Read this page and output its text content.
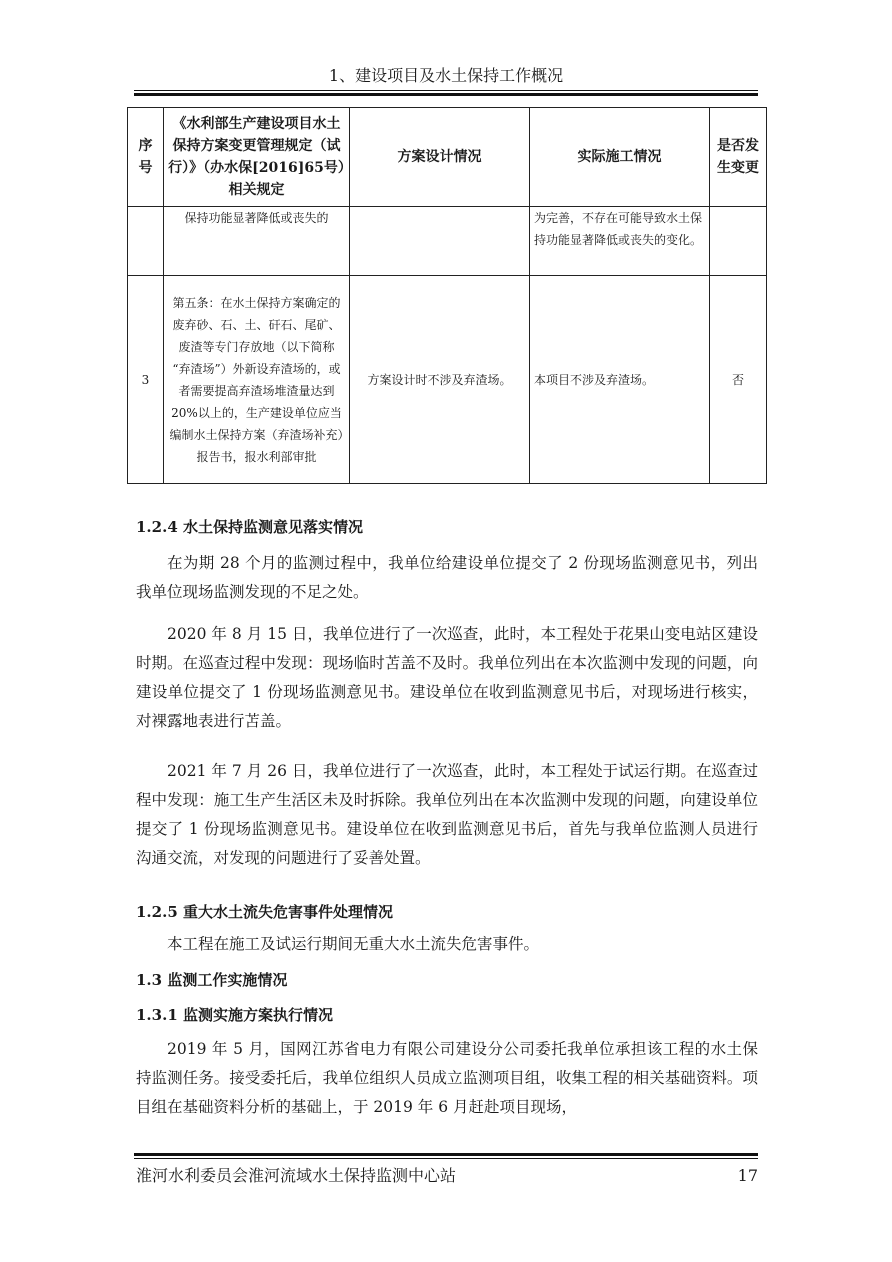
1、建设项目及水土保持工作概况
序号	《水利部生产建设项目水土保持方案变更管理规定（试行）》（办水保[2016]65号）相关规定	方案设计情况	实际施工情况	是否发生变更
	保持功能显著降低或丧失的		为完善，不存在可能导致水土保持功能显著降低或丧失的变化。	
3	第五条：在水土保持方案确定的废弃砂、石、土、矸石、尾矿、废渣等专门存放地（以下简称 “弃渣场”）外新设弃渣场的，或者需要提高弃渣场堆渣量达到20%以上的，生产建设单位应当编制水土保持方案（弃渣场补充）报告书，报水利部审批	方案设计时不涉及弃渣场。	本项目不涉及弃渣场。	否
1.2.4 水土保持监测意见落实情况

在为期 28 个月的监测过程中，我单位给建设单位提交了 2 份现场监测意见书，列出我单位现场监测发现的不足之处。

2020 年 8 月 15 日，我单位进行了一次巡查，此时，本工程处于花果山变电站区建设时期。在巡查过程中发现：现场临时苫盖不及时。我单位列出在本次监测中发现的问题，向建设单位提交了 1 份现场监测意见书。建设单位在收到监测意见书后，对现场进行核实，对裸露地表进行苫盖。

2021 年 7 月 26 日，我单位进行了一次巡查，此时，本工程处于试运行期。在巡查过程中发现：施工生产生活区未及时拆除。我单位列出在本次监测中发现的问题，向建设单位提交了 1 份现场监测意见书。建设单位在收到监测意见书后，首先与我单位监测人员进行沟通交流，对发现的问题进行了妥善处置。

1.2.5 重大水土流失危害事件处理情况

本工程在施工及试运行期间无重大水土流失危害事件。

1.3 监测工作实施情况
1.3.1 监测实施方案执行情况

2019 年 5 月，国网江苏省电力有限公司建设分公司委托我单位承担该工程的水土保持监测任务。接受委托后，我单位组织人员成立监测项目组，收集工程的相关基础资料。项目组在基础资料分析的基础上，于 2019 年 6 月赶赴项目现场，

淮河水利委员会淮河流域水土保持监测中心站	17
